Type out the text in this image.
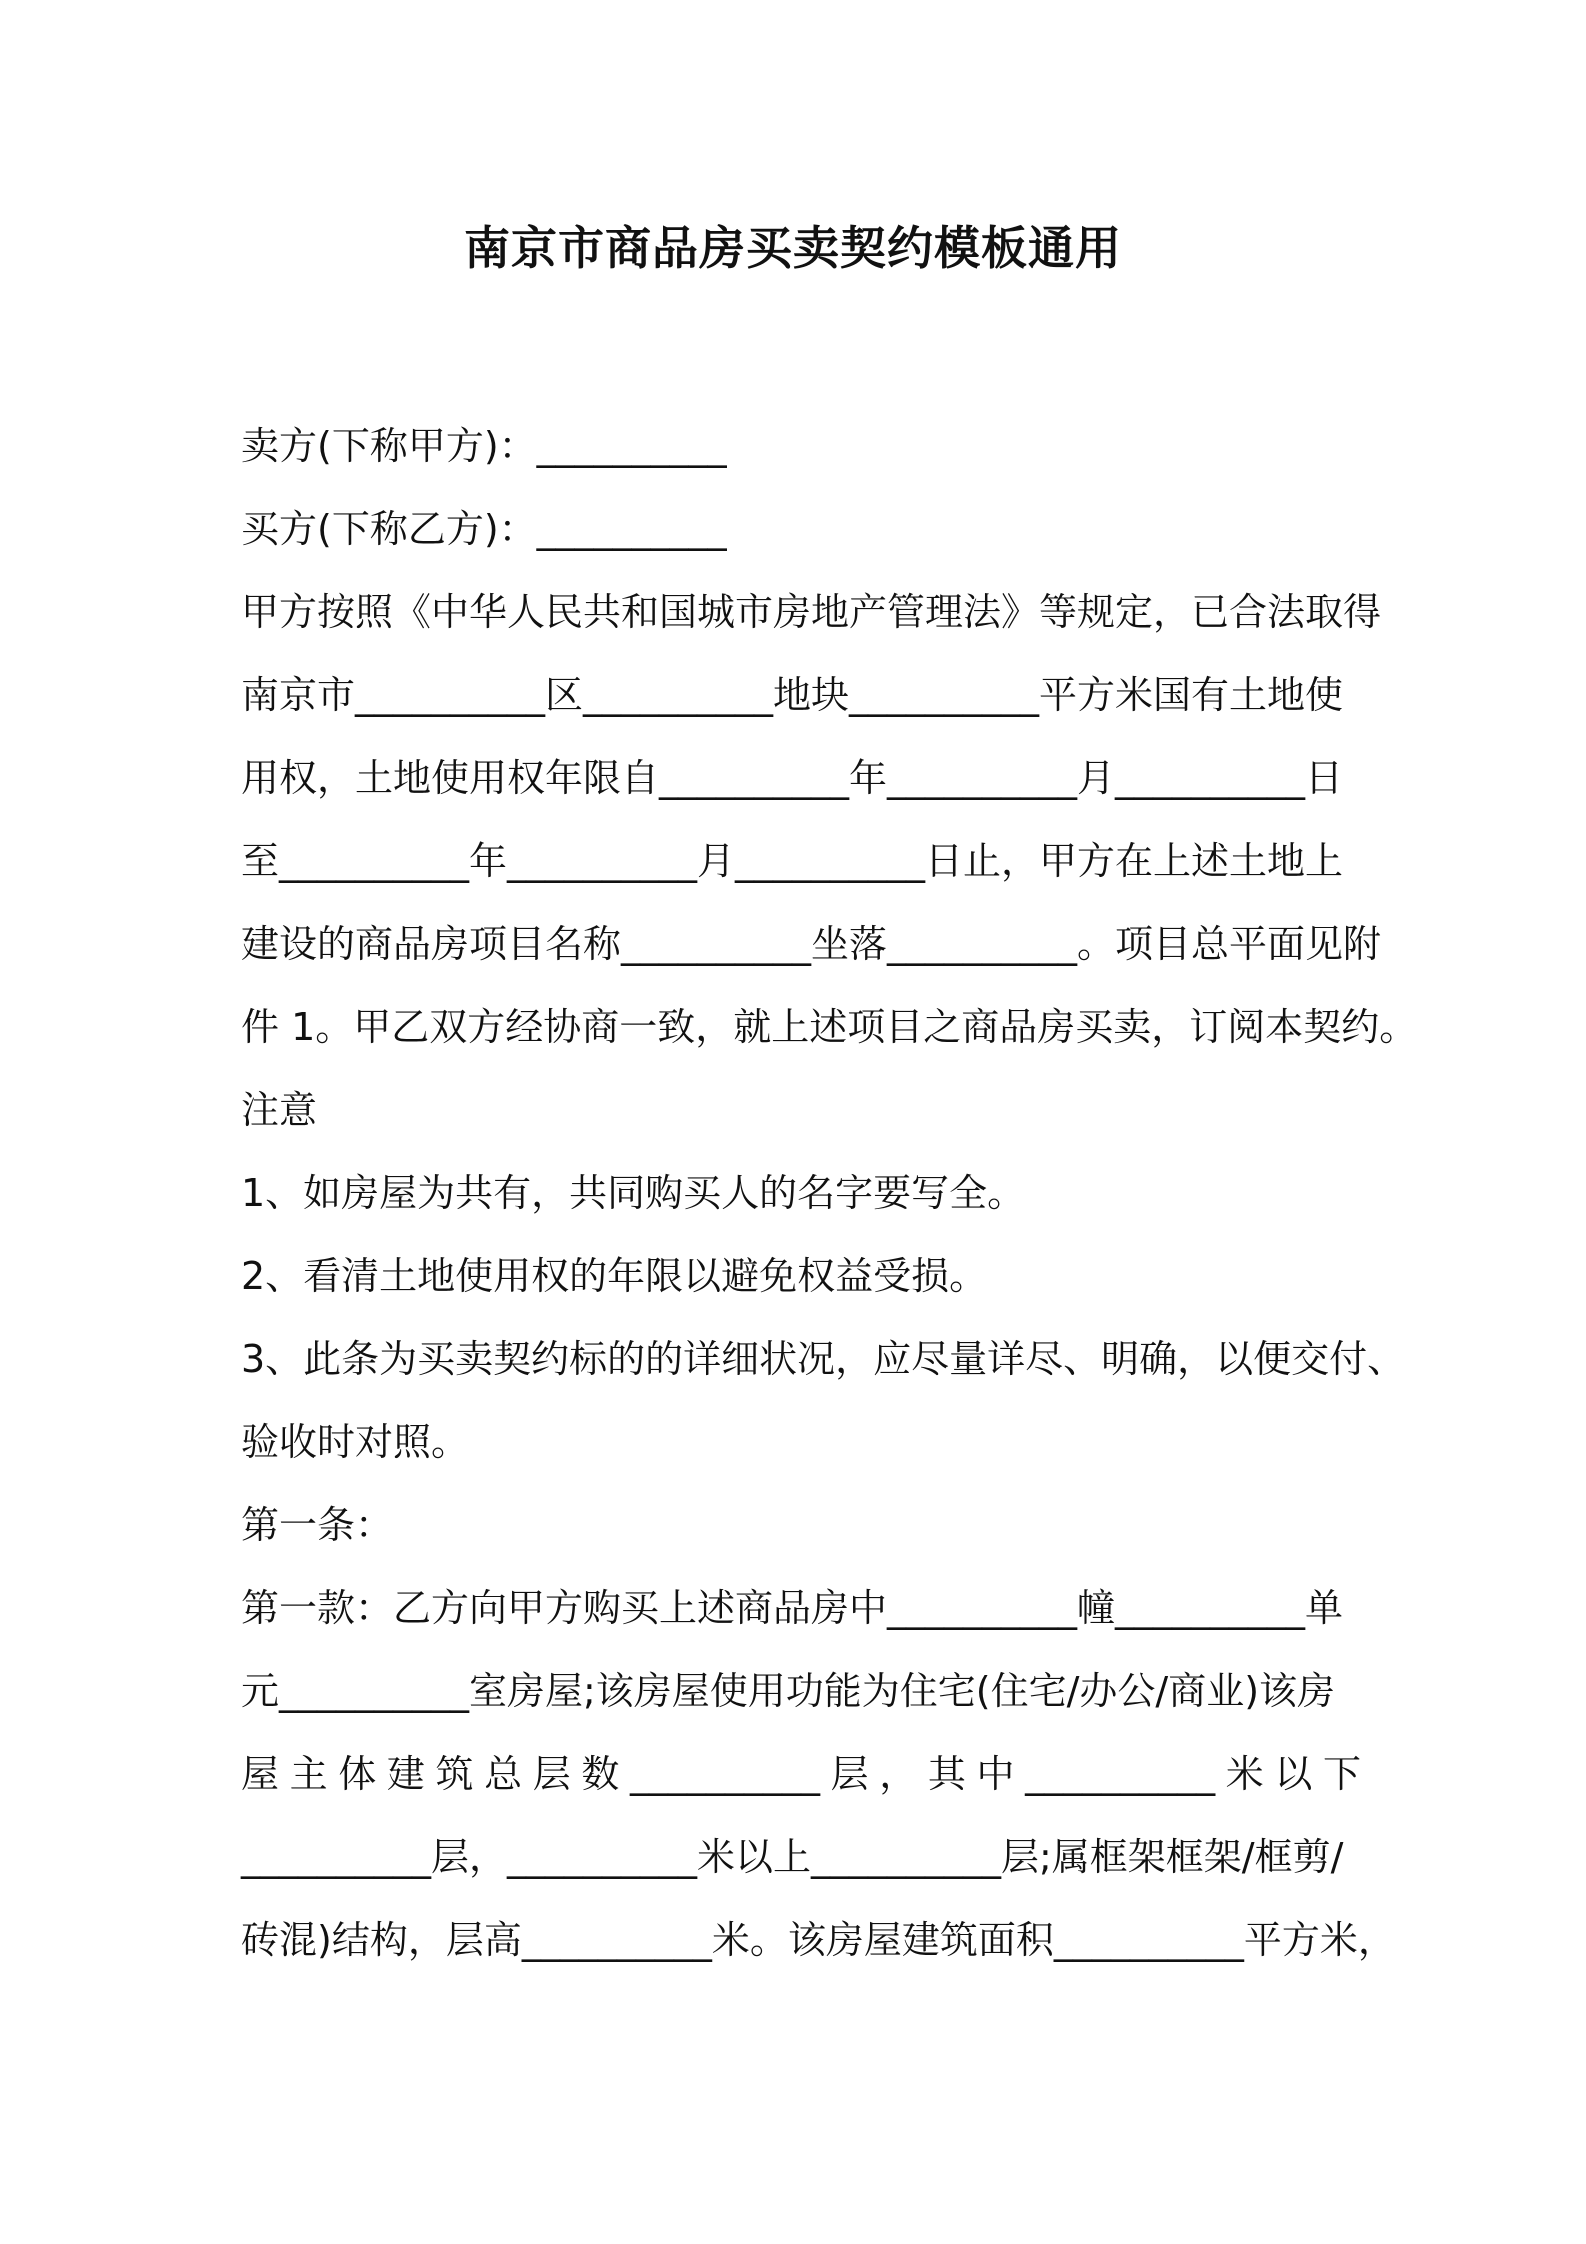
南京市商品房买卖契约模板通用
卖方(下称甲方)：__________
买方(下称乙方)：__________
甲方按照《中华人民共和国城市房地产管理法》等规定，已合法取得
南京市__________区__________地块__________平方米国有土地使
用权，土地使用权年限自__________年__________月__________日
至__________年__________月__________日止，甲方在上述土地上
建设的商品房项目名称__________坐落__________。项目总平面见附
件 1。甲乙双方经协商一致，就上述项目之商品房买卖，订阅本契约。
注意
1、如房屋为共有，共同购买人的名字要写全。
2、看清土地使用权的年限以避免权益受损。
3、此条为买卖契约标的的详细状况，应尽量详尽、明确，以便交付、
验收时对照。
第一条：
第一款：乙方向甲方购买上述商品房中__________幢__________单
元__________室房屋;该房屋使用功能为住宅(住宅/办公/商业)该房
屋 主 体 建 筑 总 层 数 __________ 层 ， 其 中 __________ 米 以 下
__________层，__________米以上__________层;属框架框架/框剪/
砖混)结构，层高__________米。该房屋建筑面积__________平方米，
